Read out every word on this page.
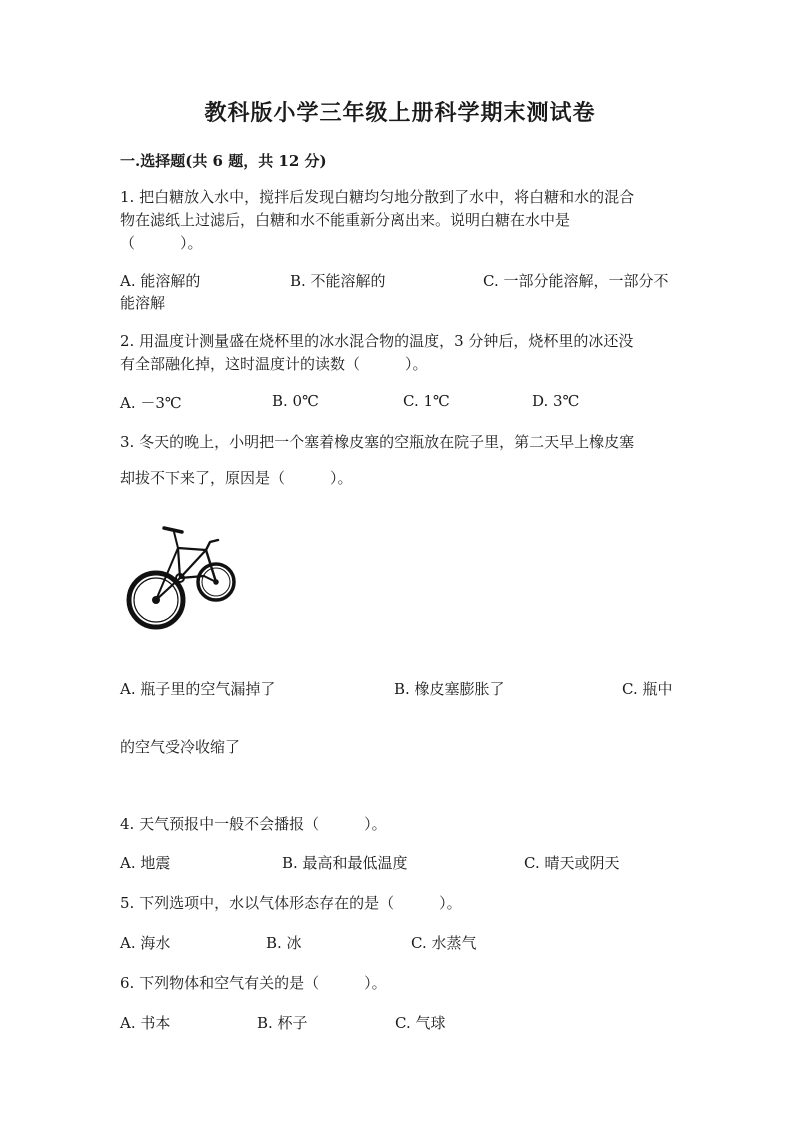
教科版小学三年级上册科学期末测试卷
一.选择题(共 6 题，共 12 分)
1. 把白糖放入水中，搅拌后发现白糖均匀地分散到了水中，将白糖和水的混合
物在滤纸上过滤后，白糖和水不能重新分离出来。说明白糖在水中是
（　　　）。
A. 能溶解的	B. 不能溶解的	C. 一部分能溶解，一部分不
能溶解
2. 用温度计测量盛在烧杯里的冰水混合物的温度，3 分钟后，烧杯里的冰还没
有全部融化掉，这时温度计的读数（　　　）。
A. －3℃	B. 0℃	C. 1℃	D. 3℃
3. 冬天的晚上，小明把一个塞着橡皮塞的空瓶放在院子里，第二天早上橡皮塞
却拔不下来了，原因是（　　　）。
A. 瓶子里的空气漏掉了	B. 橡皮塞膨胀了	C. 瓶中
的空气受冷收缩了
4. 天气预报中一般不会播报（　　　）。
A. 地震	B. 最高和最低温度	C. 晴天或阴天
5. 下列选项中，水以气体形态存在的是（　　　）。
A. 海水	B. 冰	C. 水蒸气
6. 下列物体和空气有关的是（　　　）。
A. 书本	B. 杯子	C. 气球
